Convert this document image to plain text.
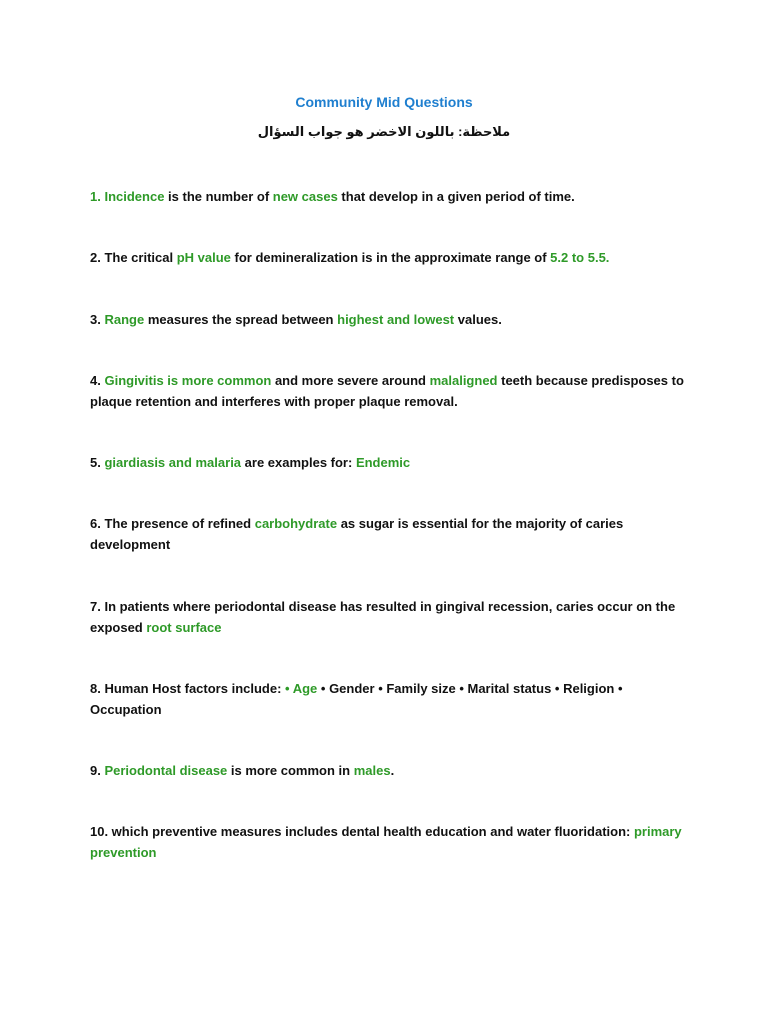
Community Mid Questions
ملاحظة: باللون الاخضر هو جواب السؤال
1. Incidence is the number of new cases that develop in a given period of time.
2. The critical pH value for demineralization is in the approximate range of 5.2 to 5.5.
3. Range measures the spread between highest and lowest values.
4. Gingivitis is more common and more severe around malaligned teeth because predisposes to plaque retention and interferes with proper plaque removal.
5. giardiasis and malaria are examples for: Endemic
6. The presence of refined carbohydrate as sugar is essential for the majority of caries development
7. In patients where periodontal disease has resulted in gingival recession, caries occur on the exposed root surface
8. Human Host factors include: • Age • Gender • Family size • Marital status • Religion • Occupation
9. Periodontal disease is more common in males.
10. which preventive measures includes dental health education and water fluoridation: primary prevention
